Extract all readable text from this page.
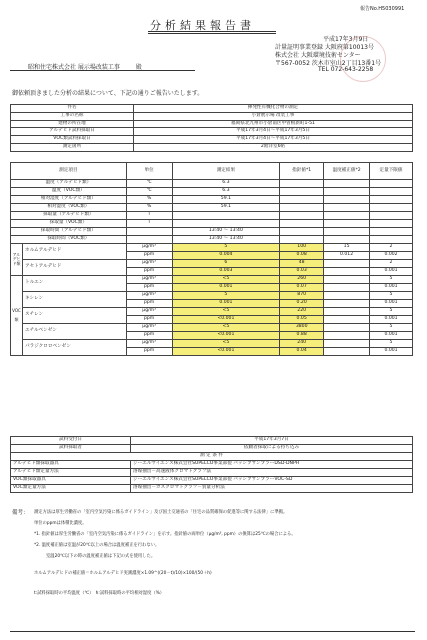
報告No.H5030991
分析結果報告書
平成17年3月9日
計量証明事業登録 大阪府第10013号
株式会社 大阪環境技術センター
〒567-0052 茨木市室山2丁目13番1号
TEL 072-643-2258
昭和住宅株式会社 展示場改装工事	殿
御依頼頂きました分析の結果について、下記の通りご報告いたします。
件名	揮発性有機化合物の測定
工事の名称	小倉展示場 改装工事
建物の所在地	福岡県北九州市小倉南区中曽根新町1-51
アルデヒド試料採取日	平成17年3月4日～平成17年3月5日
VOC類試料採取日	平成17年3月4日～平成17年3月5日
測定箇所	2階洋室6帖
測定項目		単位	測定結果	指針値*1	温度補正値*2	定量下限値
温度（アルデヒド類）		℃	6.3			
温度（VOC類）		℃	6.3			
相対湿度（アルデヒド類）		%	59.1			
相対湿度（VOC類）		%	59.1			
採取量（アルデヒド類）		l				
採取量（VOC類）		l				
採取時間（アルデヒド類）			13:40 ～ 13:40			
採取時間（VOC類）			13:40 ～ 13:40			
アルデヒド類	ホルムアルデヒド	μg/m³	5	100	15	2
		ppm	0.004	0.08	0.012	0.002
	アセトアルデヒド	μg/m³	6	48		2
		ppm	0.003	0.03		0.001
VOC類	トルエン	μg/m³	<5	260		5
		ppm	0.001	0.07		0.001
	キシレン	μg/m³	5	870		5
		ppm	0.001	0.20		0.001
	スチレン	μg/m³	<5	220		5
		ppm	<0.001	0.05		0.001
	エチルベンゼン	μg/m³	<5	3800		5
		ppm	<0.001	0.88		0.001
	パラジクロロベンゼン	μg/m³	<5	240		5
		ppm	<0.001	0.04		0.001
試料受付日	平成17年3月7日
試料採取者	依頼者採取による持ち込み
測 定 条 件	
アルデヒド類採取器具	ジーエルサイエンス株式会社SUPELCO事業部製 パッシブサンプラーDSD-DNPH
アルデヒド類定量方法	溶媒抽出－高速液体クロマトグラフ法
VOC類採取器具	ジーエルサイエンス株式会社SUPELCO事業部製 パッシブサンプラーVOC-SD
VOC類定量方法	溶媒抽出－ガスクロマトグラフ－質量分析法
備考： 測定方法は厚生労働省の「室内空気汚染に係るガイドライン」及び国土交通省の「住宅の品質確保の促進等に関する法律」に準拠。
単位のppmは体積比濃度。
*1. 指針値は厚生労働省の「室内空気汚染に係るガイドライン」を示す。指針値の両単位（μg/m³, ppm）の換算は25℃の場合による。
*2. 温度補正値は室温が20℃以上の場合は温度補正を行わない。
室温20℃以下の時の温度補正値は下記の式を使用した。
ホルムアルデヒドの補正値＝ホルムアルデヒド実測濃度×1.09^((20－t)/10)×100/(50＋h)
t:試料採取時の平均温度（℃）　h:試料採取時の平均相対湿度（%）
